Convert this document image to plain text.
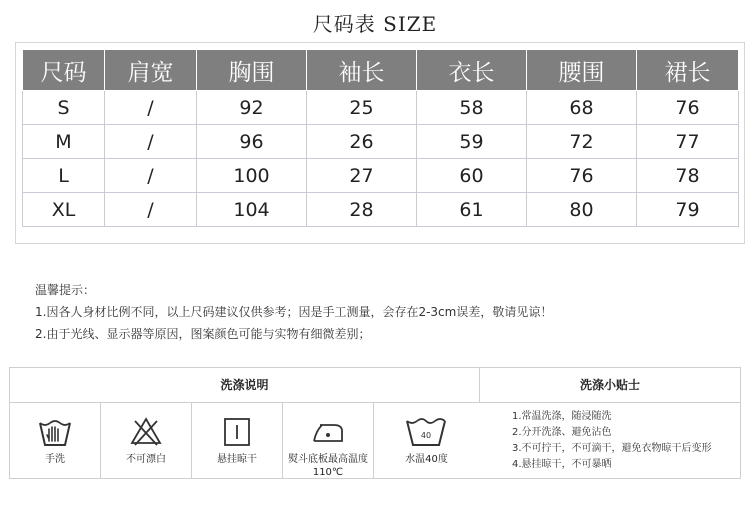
尺码表 SIZE
尺码	肩宽	胸围	袖长	衣长	腰围	裙长
S	/	92	25	58	68	76
M	/	96	26	59	72	77
L	/	100	27	60	76	78
XL	/	104	28	61	80	79
温馨提示：
1.因各人身材比例不同，以上尺码建议仅供参考；因是手工测量，会存在2-3cm误差，敬请见谅！
2.由于光线、显示器等原因，图案颜色可能与实物有细微差别；
洗涤说明	洗涤小贴士
手洗	不可漂白	悬挂晾干	熨斗底板最高温度110℃
40
水温40度
1.常温洗涤，随浸随洗
2.分开洗涤、避免沾色
3.不可拧干，不可滴干，避免衣物晾干后变形
4.悬挂晾干，不可暴晒
